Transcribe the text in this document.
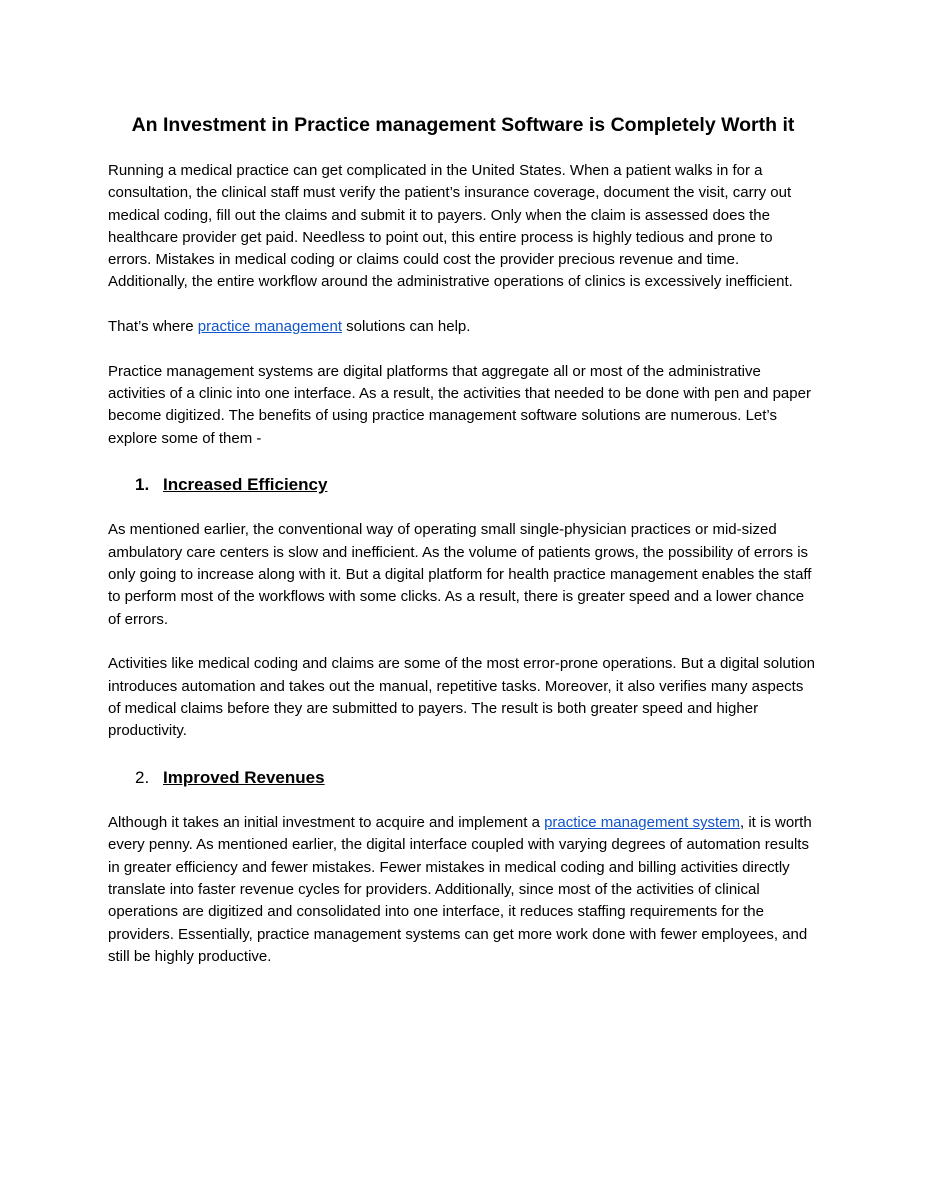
An Investment in Practice management Software is Completely Worth it

Running a medical practice can get complicated in the United States. When a patient walks in for a consultation, the clinical staff must verify the patient’s insurance coverage, document the visit, carry out medical coding, fill out the claims and submit it to payers. Only when the claim is assessed does the healthcare provider get paid. Needless to point out, this entire process is highly tedious and prone to errors. Mistakes in medical coding or claims could cost the provider precious revenue and time. Additionally, the entire workflow around the administrative operations of clinics is excessively inefficient.

That’s where practice management solutions can help.

Practice management systems are digital platforms that aggregate all or most of the administrative activities of a clinic into one interface. As a result, the activities that needed to be done with pen and paper become digitized. The benefits of using practice management software solutions are numerous. Let’s explore some of them -

1. Increased Efficiency

As mentioned earlier, the conventional way of operating small single-physician practices or mid-sized ambulatory care centers is slow and inefficient. As the volume of patients grows, the possibility of errors is only going to increase along with it. But a digital platform for health practice management enables the staff to perform most of the workflows with some clicks. As a result, there is greater speed and a lower chance of errors.

Activities like medical coding and claims are some of the most error-prone operations. But a digital solution introduces automation and takes out the manual, repetitive tasks. Moreover, it also verifies many aspects of medical claims before they are submitted to payers. The result is both greater speed and higher productivity.

2. Improved Revenues

Although it takes an initial investment to acquire and implement a practice management system, it is worth every penny. As mentioned earlier, the digital interface coupled with varying degrees of automation results in greater efficiency and fewer mistakes. Fewer mistakes in medical coding and billing activities directly translate into faster revenue cycles for providers. Additionally, since most of the activities of clinical operations are digitized and consolidated into one interface, it reduces staffing requirements for the providers. Essentially, practice management systems can get more work done with fewer employees, and still be highly productive.
